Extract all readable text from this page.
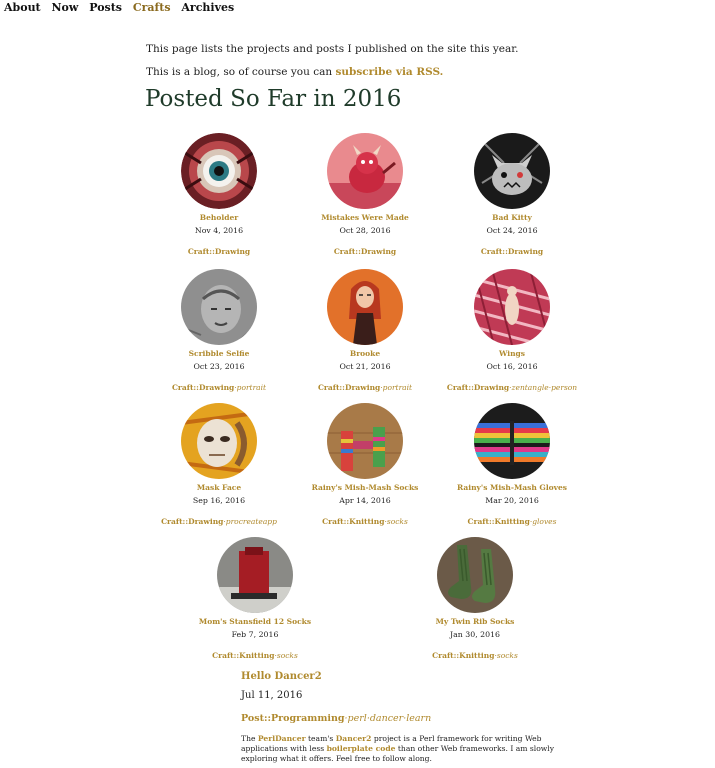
About Now Posts Crafts Archives
This page lists the projects and posts I published on the site this year.
This is a blog, so of course you can subscribe via RSS.
Posted So Far in 2016
Beholder
Nov 4, 2016
Craft::Drawing
Mistakes Were Made
Oct 28, 2016
Craft::Drawing
Bad Kitty
Oct 24, 2016
Craft::Drawing
Scribble Selfie
Oct 23, 2016
Craft::Drawing·portrait
Brooke
Oct 21, 2016
Craft::Drawing·portrait
Wings
Oct 16, 2016
Craft::Drawing·zentangle·person
Mask Face
Sep 16, 2016
Craft::Drawing·procreateapp
Rainy's Mish-Mash Socks
Apr 14, 2016
Craft::Knitting·socks
Rainy's Mish-Mash Gloves
Mar 20, 2016
Craft::Knitting·gloves
Mom's Stansfield 12 Socks
Feb 7, 2016
Craft::Knitting·socks
My Twin Rib Socks
Jan 30, 2016
Craft::Knitting·socks
Hello Dancer2
Jul 11, 2016
Post::Programming·perl·dancer·learn
The PerlDancer team's Dancer2 project is a Perl framework for writing Web applications with less boilerplate code than other Web frameworks. I am slowly exploring what it offers. Feel free to follow along.
